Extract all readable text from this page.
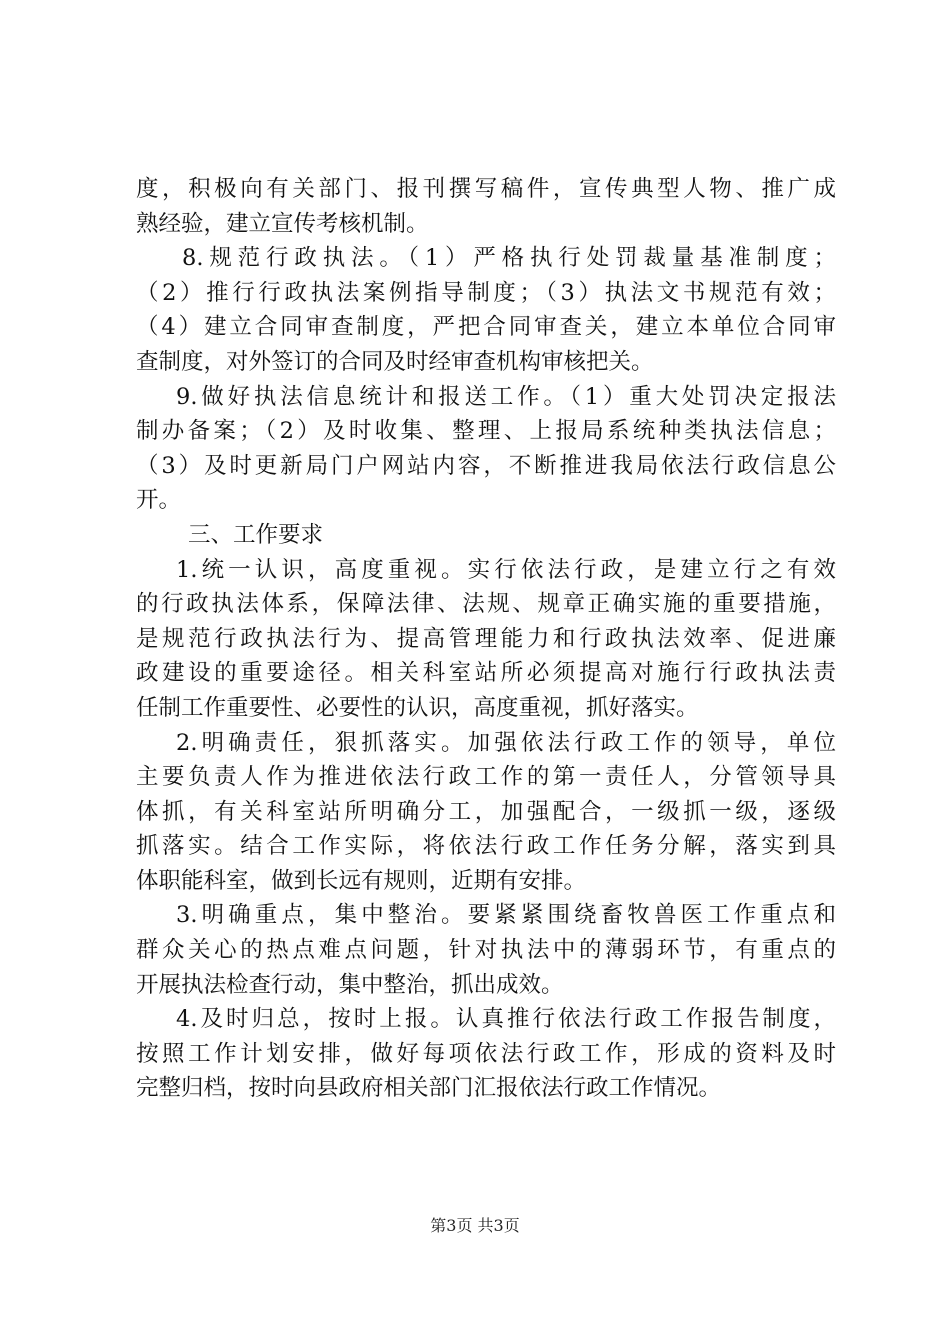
度，积极向有关部门、报刊撰写稿件，宣传典型人物、推广成
熟经验，建立宣传考核机制。
8.规范行政执法。（1）严格执行处罚裁量基准制度；
（2）推行行政执法案例指导制度；（3）执法文书规范有效；
（4）建立合同审查制度，严把合同审查关，建立本单位合同审
查制度，对外签订的合同及时经审查机构审核把关。
9.做好执法信息统计和报送工作。（1）重大处罚决定报法
制办备案；（2）及时收集、整理、上报局系统种类执法信息；
（3）及时更新局门户网站内容，不断推进我局依法行政信息公
开。
三、工作要求
1.统一认识，高度重视。实行依法行政，是建立行之有效
的行政执法体系，保障法律、法规、规章正确实施的重要措施，
是规范行政执法行为、提高管理能力和行政执法效率、促进廉
政建设的重要途径。相关科室站所必须提高对施行行政执法责
任制工作重要性、必要性的认识，高度重视，抓好落实。
2.明确责任，狠抓落实。加强依法行政工作的领导，单位
主要负责人作为推进依法行政工作的第一责任人，分管领导具
体抓，有关科室站所明确分工，加强配合，一级抓一级，逐级
抓落实。结合工作实际，将依法行政工作任务分解，落实到具
体职能科室，做到长远有规则，近期有安排。
3.明确重点，集中整治。要紧紧围绕畜牧兽医工作重点和
群众关心的热点难点问题，针对执法中的薄弱环节，有重点的
开展执法检查行动，集中整治，抓出成效。
4.及时归总，按时上报。认真推行依法行政工作报告制度，
按照工作计划安排，做好每项依法行政工作，形成的资料及时
完整归档，按时向县政府相关部门汇报依法行政工作情况。
第3页 共3页
